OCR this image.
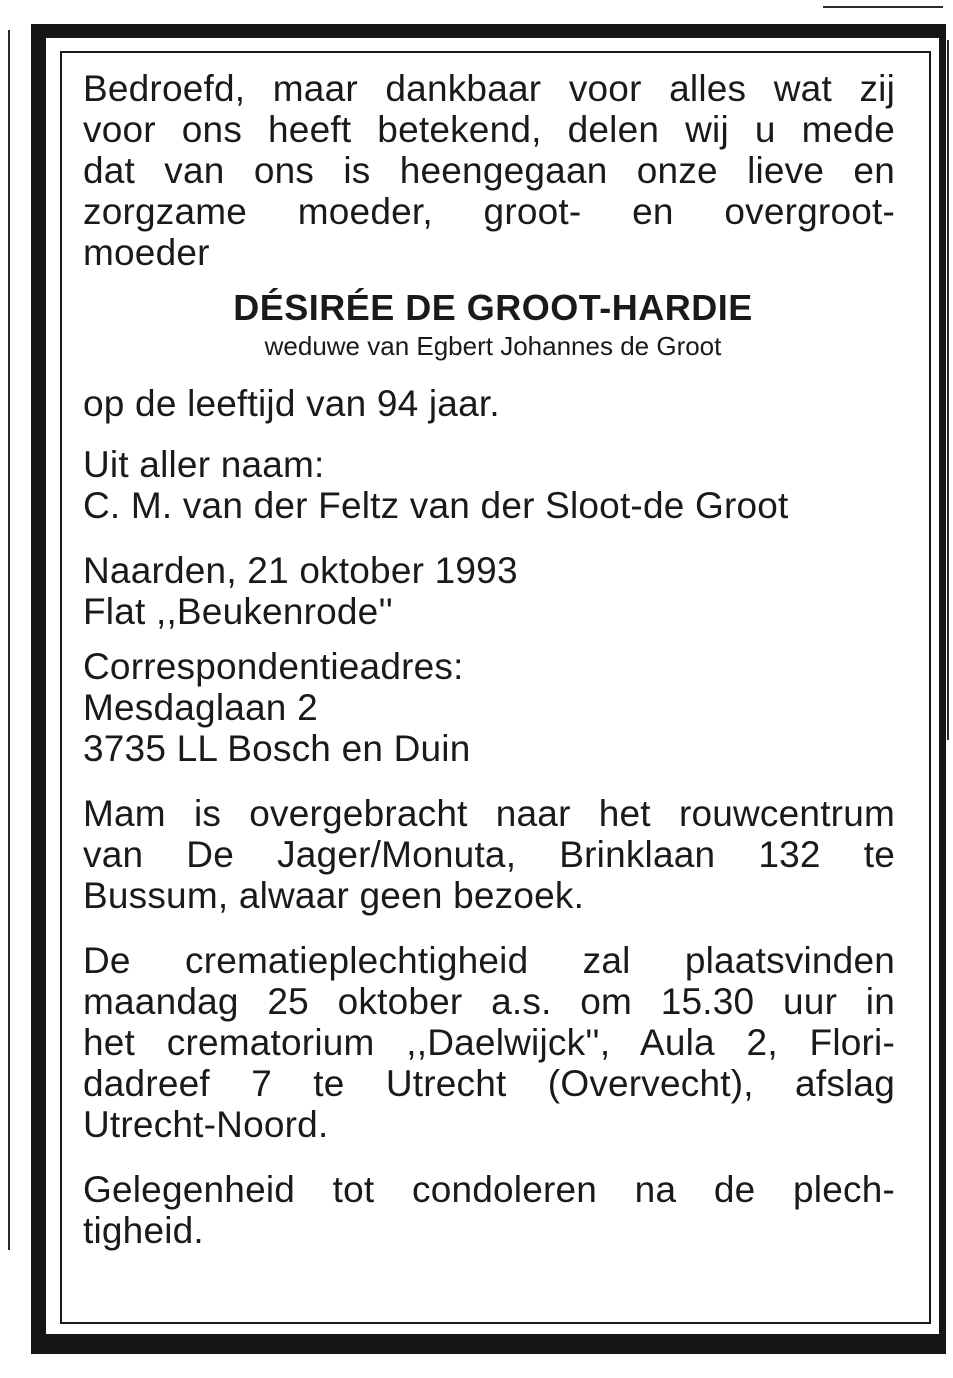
Bedroefd, maar dankbaar voor alles wat zij
voor ons heeft betekend, delen wij u mede
dat van ons is heengegaan onze lieve en
zorgzame moeder, groot- en overgroot-
moeder
DÉSIRÉE DE GROOT-HARDIE
weduwe van Egbert Johannes de Groot
op de leeftijd van 94 jaar.
Uit aller naam:
C. M. van der Feltz van der Sloot-de Groot
Naarden, 21 oktober 1993
Flat ,,Beukenrode''
Correspondentieadres:
Mesdaglaan 2
3735 LL Bosch en Duin
Mam is overgebracht naar het rouwcentrum
van De Jager/Monuta, Brinklaan 132 te
Bussum, alwaar geen bezoek.
De crematieplechtigheid zal plaatsvinden
maandag 25 oktober a.s. om 15.30 uur in
het crematorium ,,Daelwijck'', Aula 2, Flori-
dadreef 7 te Utrecht (Overvecht), afslag
Utrecht-Noord.
Gelegenheid tot condoleren na de plech-
tigheid.
